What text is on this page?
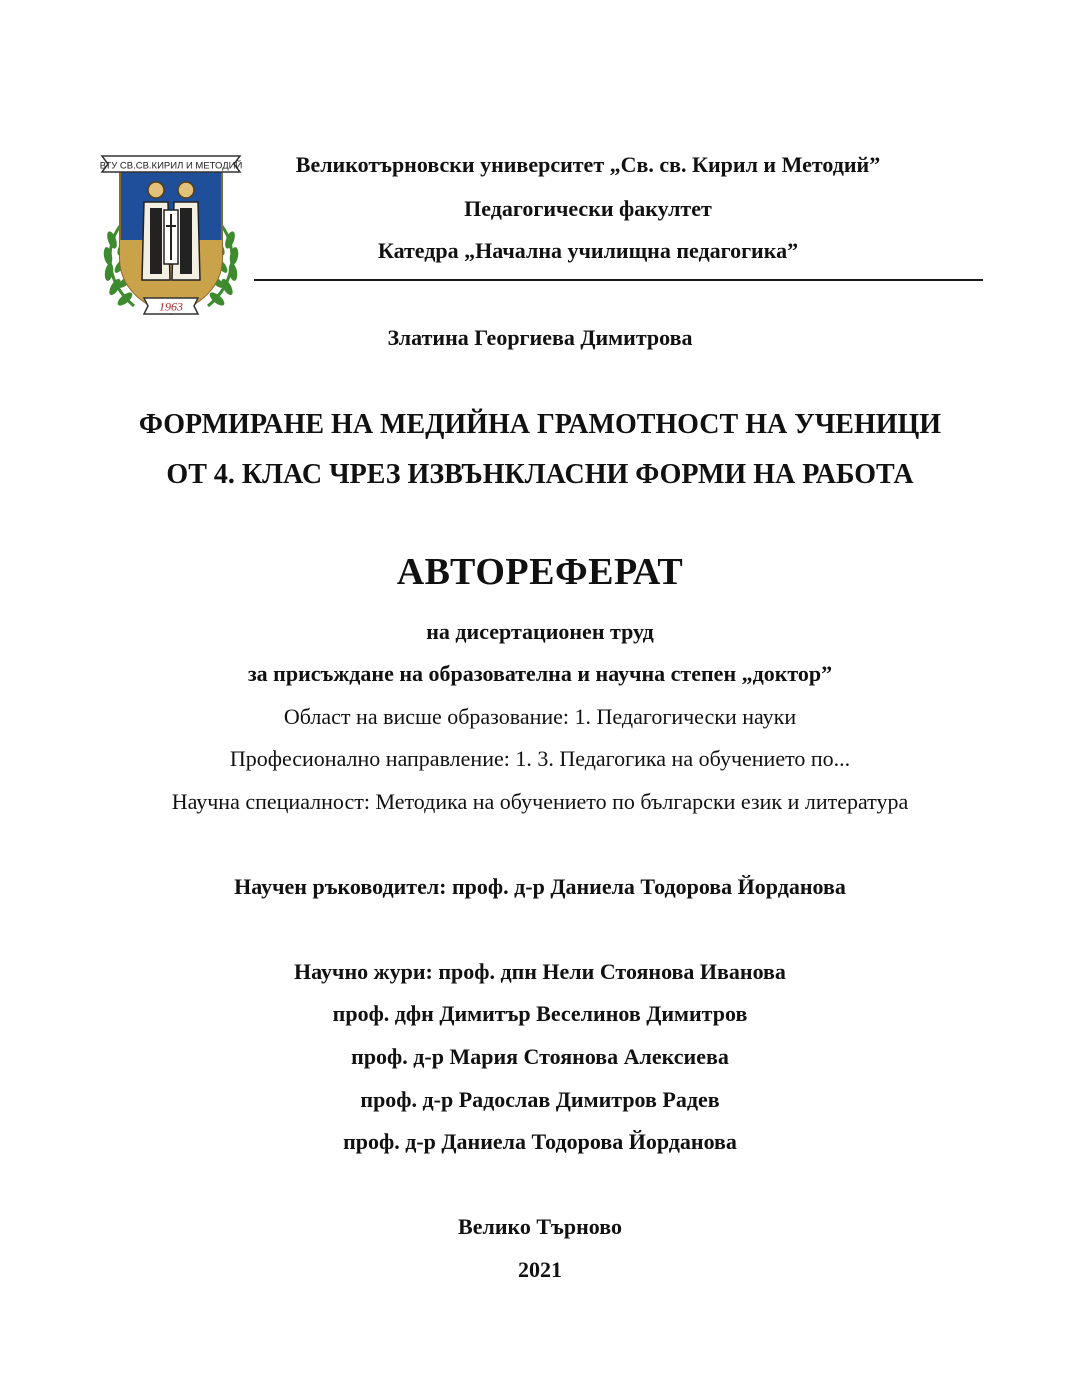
ВТУ СВ.СВ.КИРИЛ И МЕТОДИЙ
1963
Великотърновски университет „Св. св. Кирил и Методий”
Педагогически факултет
Катедра „Начална училищна педагогика”
Златина Георгиева Димитрова
ФОРМИРАНЕ НА МЕДИЙНА ГРАМОТНОСТ НА УЧЕНИЦИ
ОТ 4. КЛАС ЧРЕЗ ИЗВЪНКЛАСНИ ФОРМИ НА РАБОТА
АВТОРЕФЕРАТ
на дисертационен труд
за присъждане на образователна и научна степен „доктор”
Област на висше образование: 1. Педагогически науки
Професионално направление: 1. 3. Педагогика на обучението по...
Научна специалност: Методика на обучението по български език и литература
Научен ръководител: проф. д-р Даниела Тодорова Йорданова
Научно жури: проф. дпн Нели Стоянова Иванова
проф. дфн Димитър Веселинов Димитров
проф. д-р Мария Стоянова Алексиева
проф. д-р Радослав Димитров Радев
проф. д-р Даниела Тодорова Йорданова
Велико Търново
2021
